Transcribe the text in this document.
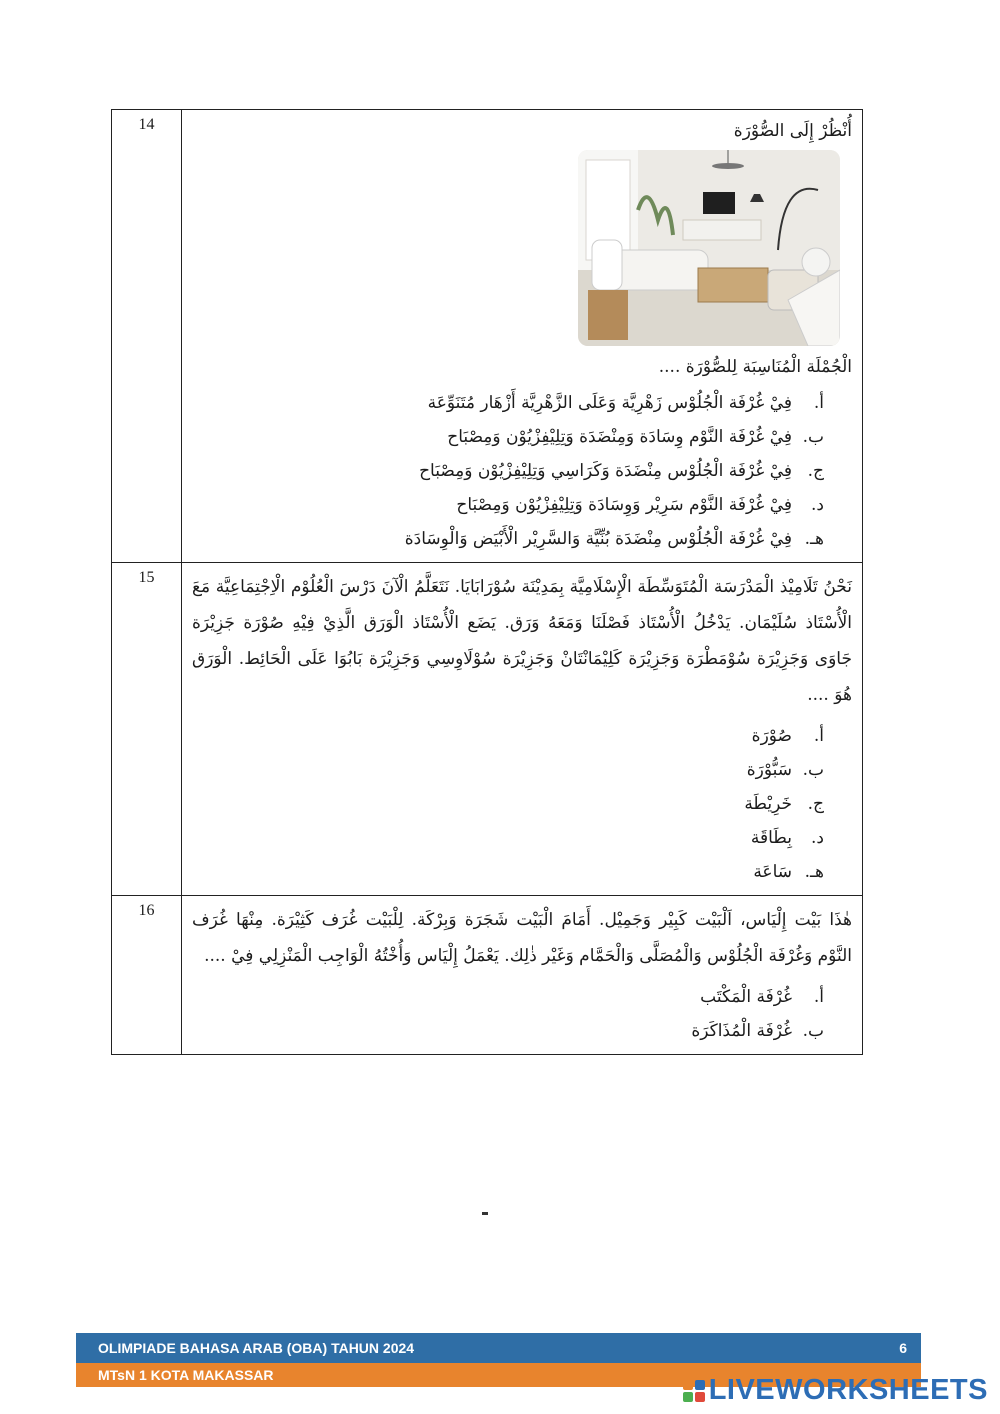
14	أُنْظُرْ إِلَى الصُّوْرَة
الْجُمْلَة الْمُنَاسِبَة لِلصُّوْرَة ....
أ.
فِيْ غُرْفَة الْجُلُوْس زَهْرِيَّة وَعَلَى الزَّهْرِيَّة أَزْهَار مُتَنَوِّعَة
ب.
فِيْ غُرْفَة النَّوْم وِسَادَة وَمِنْضَدَة وَتِلِيْفِزْيُوْن وَمِصْبَاح
ج.
فِيْ غُرْفَة الْجُلُوْس مِنْضَدَة وَكَرَاسِي وَتِلِيْفِزْيُوْن وَمِصْبَاح
د.
فِيْ غُرْفَة النَّوْم سَرِيْر وَوِسَادَة وَتِلِيْفِزْيُوْن وَمِصْبَاح
هـ.
فِيْ غُرْفَة الْجُلُوْس مِنْضَدَة بُنِّيَّة وَالسَّرِيْر الْأَبْيَض وَالْوِسَادَة
15	نَحْنُ تَلَامِيْذ الْمَدْرَسَة الْمُتَوَسِّطَة الْإِسْلَامِيَّة بِمَدِيْنَة سُوْرَابَايَا. نَتَعَلَّمُ الْآنَ دَرْسَ الْعُلُوْم الْاِجْتِمَاعِيَّة مَعَ الْأُسْتَاذ سُلَيْمَان. يَدْخُلُ الْأُسْتَاذ فَصْلَنَا وَمَعَهُ وَرَق. يَضَع الْأُسْتَاذ الْوَرَق الَّذِيْ فِيْهِ صُوْرَة جَزِيْرَة جَاوَى وَجَزِيْرَة سُوْمَطْرَة وَجَزِيْرَة كَلِيْمَانْتَانْ وَجَزِيْرَة سُوْلَاوِسِي وَجَزِيْرَة بَابُوَا عَلَى الْحَائِط. الْوَرَق هُوَ ....

أ.
صُوْرَة
ب.
سَبُّوْرَة
ج.
خَرِيْطَة
د.
بِطَاقَة
هـ.
سَاعَة
16	هٰذَا بَيْت إِلْيَاس، اَلْبَيْت كَبِيْر وَجَمِيْل. أَمَامَ الْبَيْت شَجَرَة وَبِرْكَة. لِلْبَيْت غُرَف كَثِيْرَة. مِنْهَا غُرَف النَّوْم وَغُرْفَة الْجُلُوْس وَالْمُصَلَّى وَالْحَمَّام وَغَيْر ذٰلِك. يَعْمَلُ إِلْيَاس وَأُخْتُهُ الْوَاجِب الْمَنْزِلِي فِيْ ....

أ.
غُرْفَة الْمَكْتَب
ب.
غُرْفَة الْمُذَاكَرَة
OLIMPIADE BAHASA ARAB (OBA) TAHUN 2024	6
MTsN 1 KOTA MAKASSAR	LIVEWORKSHEETS
